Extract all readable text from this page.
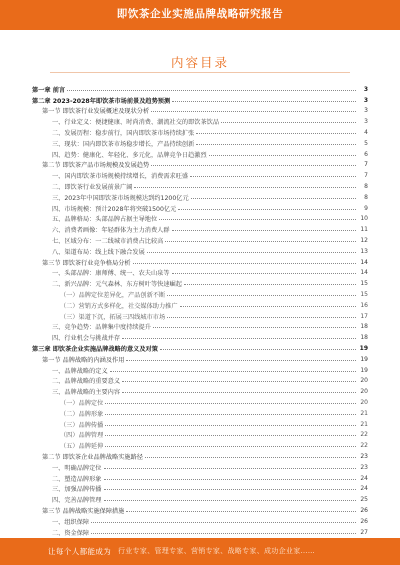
即饮茶企业实施品牌战略研究报告
内容目录
第一章 前言	3
第二章 2023-2028年即饮茶市场前景及趋势预测	3
第一节 即饮茶行业发展概述及现状分析	3
一、行业定义：便捷健康、时尚消费、潮流社交的即饮茶饮品	3
二、发展历程：稳步前行，国内即饮茶市场持续扩张	4
三、现状：国内即饮茶市场稳步增长，产品持续创新	5
四、趋势：健康化、年轻化、多元化，品牌竞争日趋激烈	6
第二节 即饮茶产品市场规模及发展趋势	7
一、国内即饮茶市场规模持续增长，消费需求旺盛	7
二、即饮茶行业发展前景广阔	8
三、2023年中国即饮茶市场规模达到约1200亿元	8
四、市场规模：预计2028年将突破1500亿元	9
五、品牌格局：头部品牌占据主导地位	10
六、消费者画像：年轻群体为主力消费人群	11
七、区域分布：一二线城市消费占比较高	12
八、渠道布局：线上线下融合发展	13
第三节 即饮茶行业竞争格局分析	14
一、头部品牌：康师傅、统一、农夫山泉等	14
二、新兴品牌：元气森林、东方树叶等快速崛起	15
（一）品牌定位差异化，产品创新不断	15
（二）营销方式多样化，社交媒体助力推广	16
（三）渠道下沉，拓展三四线城市市场	17
三、竞争趋势：品牌集中度持续提升	18
四、行业机会与挑战并存	18
第三章 即饮茶企业实施品牌战略的意义及对策	19
第一节 品牌战略的内涵及作用	19
一、品牌战略的定义	19
二、品牌战略的重要意义	20
三、品牌战略的主要内容	20
（一）品牌定位	20
（二）品牌形象	21
（三）品牌传播	21
（四）品牌管理	22
（五）品牌延伸	22
第二节 即饮茶企业品牌战略实施路径	23
一、明确品牌定位	23
二、塑造品牌形象	24
三、加强品牌传播	24
四、完善品牌管理	25
第三节 品牌战略实施保障措施	26
一、组织保障	26
二、资金保障	27
让每个人都能成为 行业专家、管理专家、营销专家、战略专家、成功企业家……
